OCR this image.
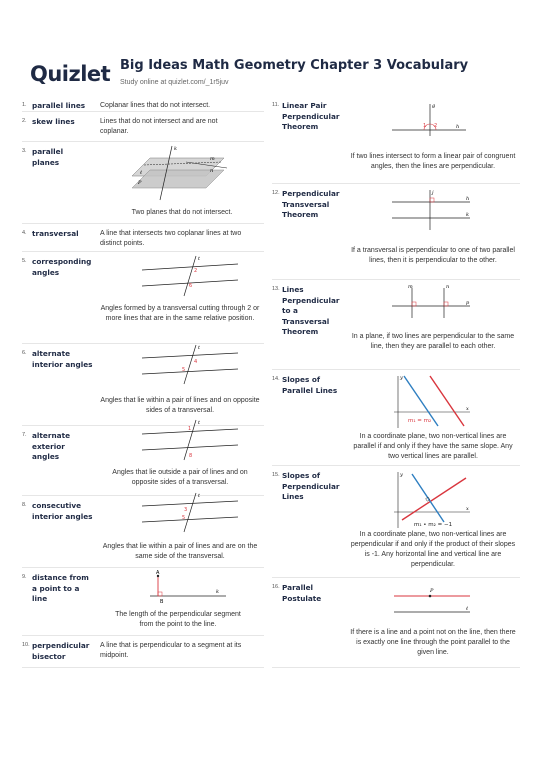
Quizlet Big Ideas Math Geometry Chapter 3 Vocabulary
Study online at quizlet.com/_1r5juv
1. parallel lines	Coplanar lines that do not intersect.
2. skew lines	Lines that do not intersect and are not coplanar.
3. parallel planes
k
m
ℓ	n
P
Two planes that do not intersect.
4. transversal	A line that intersects two coplanar lines at two distinct points.
5. corresponding angles
t
2
6
Angles formed by a transversal cutting through 2 or more lines that are in the same relative position.
6. alternate interior angles
t
4
5
Angles that lie within a pair of lines and on opposite sides of a transversal.
7. alternate exterior angles
t
1
8
Angles that lie outside a pair of lines and on opposite sides of a transversal.
8. consecutive interior angles
t
3
5
Angles that lie within a pair of lines and are on the same side of the transversal.
9. distance from a point to a line
A
B
k
The length of the perpendicular segment from the point to the line.
10. perpendicular bisector
A line that is perpendicular to a segment at its midpoint.
11. Linear Pair Perpendicular Theorem
g
1 2	h
If two lines intersect to form a linear pair of congruent angles, then the lines are perpendicular.
12. Perpendicular Transversal Theorem
j
h
k
If a transversal is perpendicular to one of two parallel lines, then it is perpendicular to the other.
13. Lines Perpendicular to a Transversal Theorem
m	n
p
In a plane, if two lines are perpendicular to the same line, then they are parallel to each other.
14. Slopes of Parallel Lines
y
x
m₁ = m₂
In a coordinate plane, two non-vertical lines are parallel if and only if they have the same slope. Any two vertical lines are parallel.
15. Slopes of Perpendicular Lines
y
x
m₁ • m₂ = −1
In a coordinate plane, two non-vertical lines are perpendicular if and only if the product of their slopes is -1. Any horizontal line and vertical line are perpendicular.
16. Parallel Postulate
P
ℓ
If there is a line and a point not on the line, then there is exactly one line through the point parallel to the given line.
